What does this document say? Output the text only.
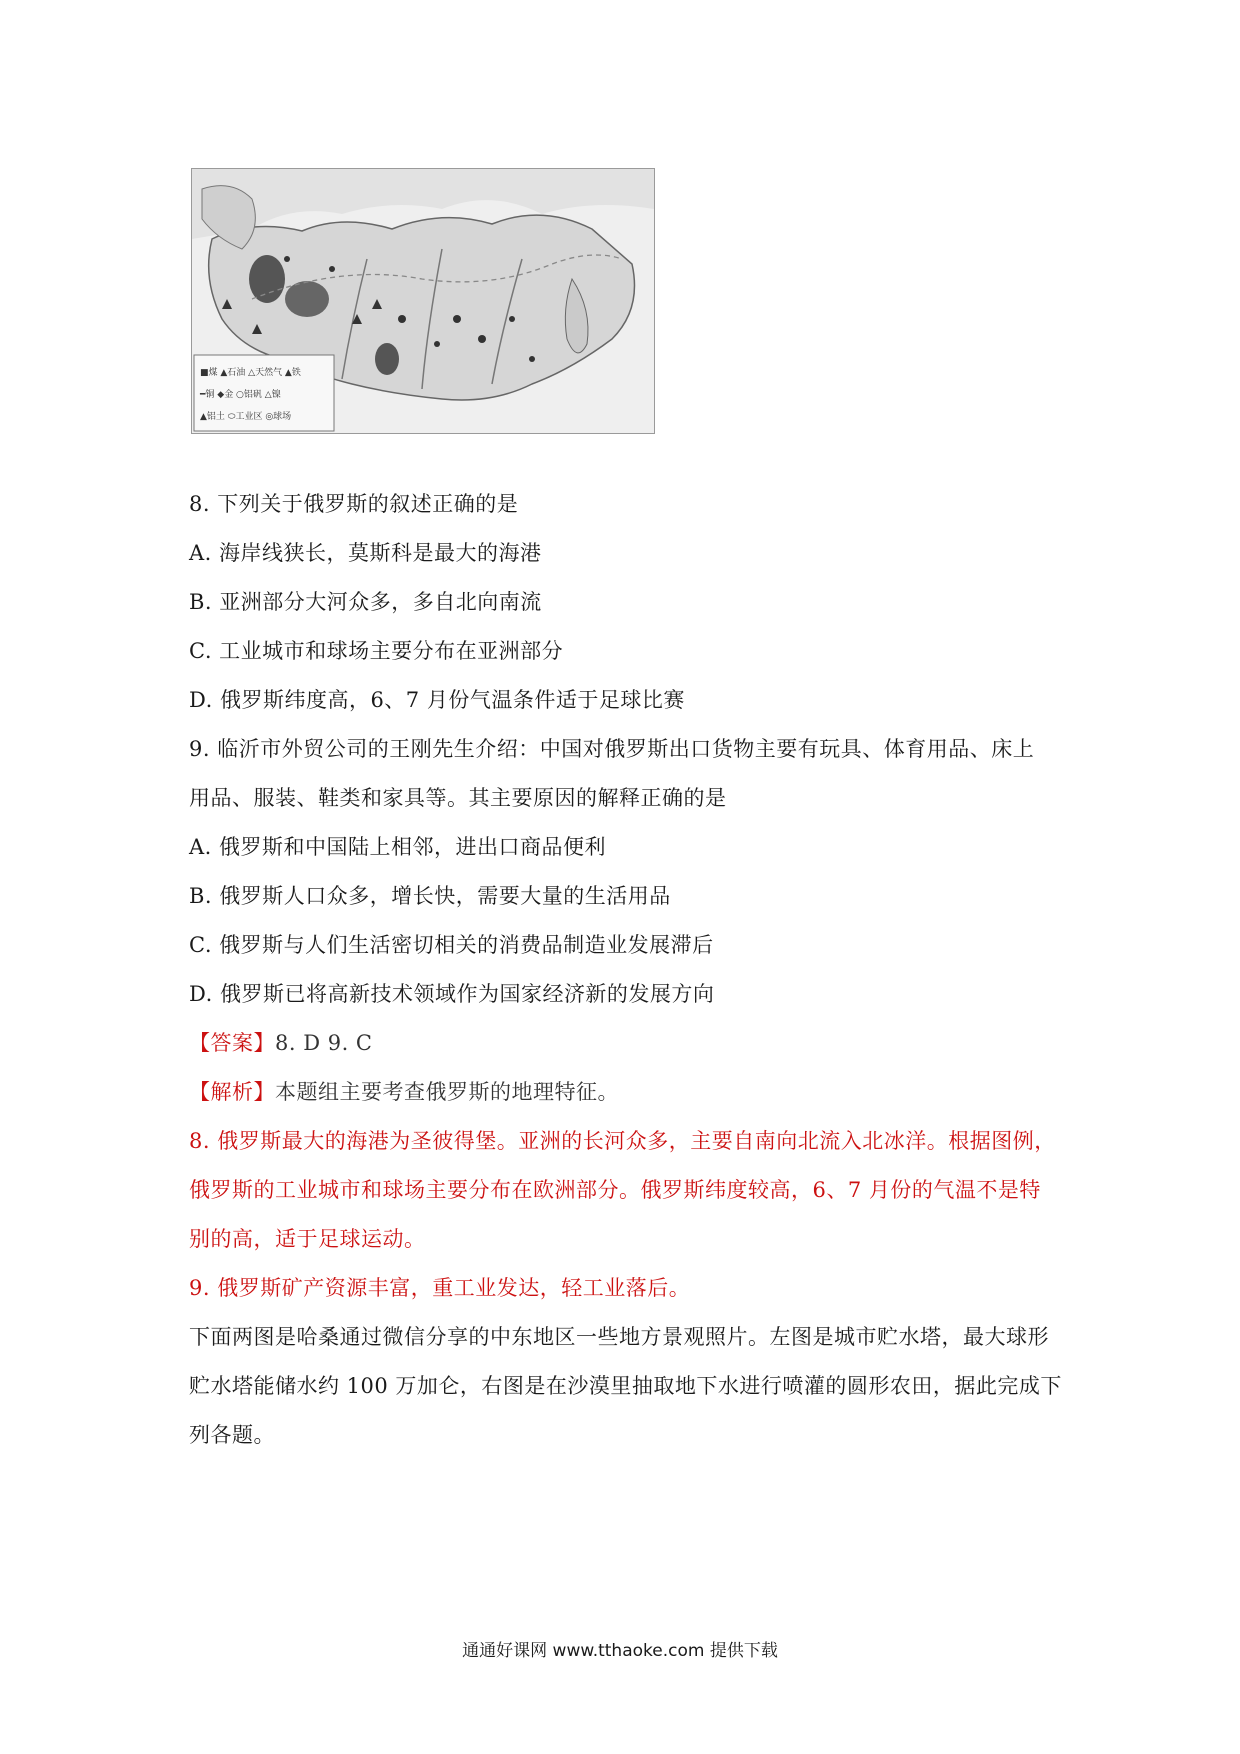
■煤 ▲石油 △天然气 ▲铁
━铜 ◆金 ○铝矾 △镍
▲铝土 ⬭工业区 ◎球场
8. 下列关于俄罗斯的叙述正确的是
A. 海岸线狭长，莫斯科是最大的海港
B. 亚洲部分大河众多，多自北向南流
C. 工业城市和球场主要分布在亚洲部分
D. 俄罗斯纬度高，6、7 月份气温条件适于足球比赛
9. 临沂市外贸公司的王刚先生介绍：中国对俄罗斯出口货物主要有玩具、体育用品、床上
用品、服装、鞋类和家具等。其主要原因的解释正确的是
A. 俄罗斯和中国陆上相邻，进出口商品便利
B. 俄罗斯人口众多，增长快，需要大量的生活用品
C. 俄罗斯与人们生活密切相关的消费品制造业发展滞后
D. 俄罗斯已将高新技术领域作为国家经济新的发展方向
【答案】8. D 9. C
【解析】本题组主要考查俄罗斯的地理特征。
8. 俄罗斯最大的海港为圣彼得堡。亚洲的长河众多，主要自南向北流入北冰洋。根据图例，
俄罗斯的工业城市和球场主要分布在欧洲部分。俄罗斯纬度较高，6、7 月份的气温不是特
别的高，适于足球运动。
9. 俄罗斯矿产资源丰富，重工业发达，轻工业落后。
下面两图是哈桑通过微信分享的中东地区一些地方景观照片。左图是城市贮水塔，最大球形
贮水塔能储水约 100 万加仑，右图是在沙漠里抽取地下水进行喷灌的圆形农田，据此完成下
列各题。
通通好课网 www.tthaoke.com 提供下载
